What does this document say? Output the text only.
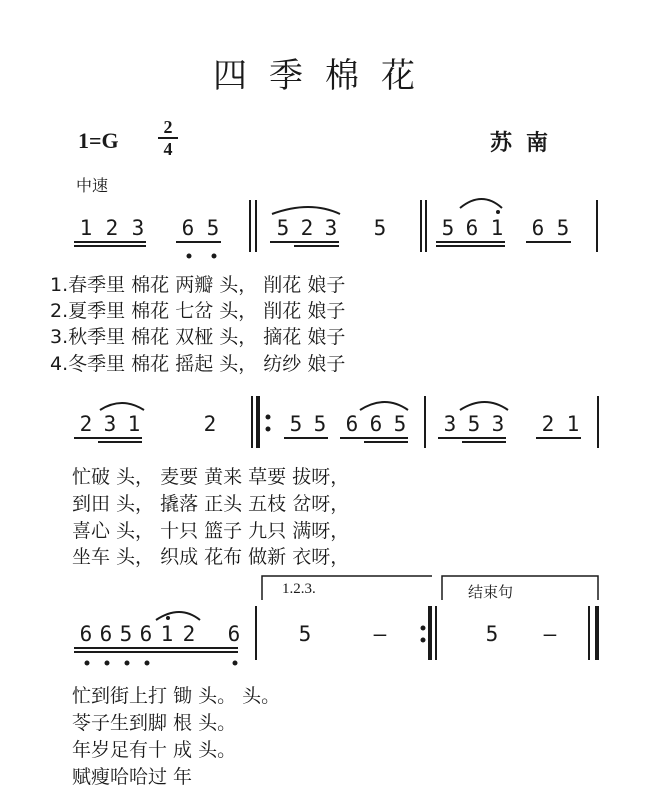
四季棉花
1=G
2
4	苏南
中速
1.春季里 棉花 两瓣 头， 削花 娘子
2.夏季里 棉花 七岔 头， 削花 娘子
3.秋季里 棉花 双桠 头， 摘花 娘子
4.冬季里 棉花 摇起 头， 纺纱 娘子
忙破 头， 麦要 黄来 草要 拔呀，
到田 头， 撬落 正头 五枝 岔呀，
喜心 头， 十只 篮子 九只 满呀，
坐车 头， 织成 花布 做新 衣呀，
1.2.3.	结束句
忙到街上打 锄 头。 头。
苓子生到脚 根 头。
年岁足有十 成 头。
赋瘦哈哈过 年
1 2 3 6 5	5 2 3 5	5 6 1 6 5
2 3 1	2	5 5 6 6 5 3 5 3 2 1
6 6 5 6 1 2 6	5	—	5 —
